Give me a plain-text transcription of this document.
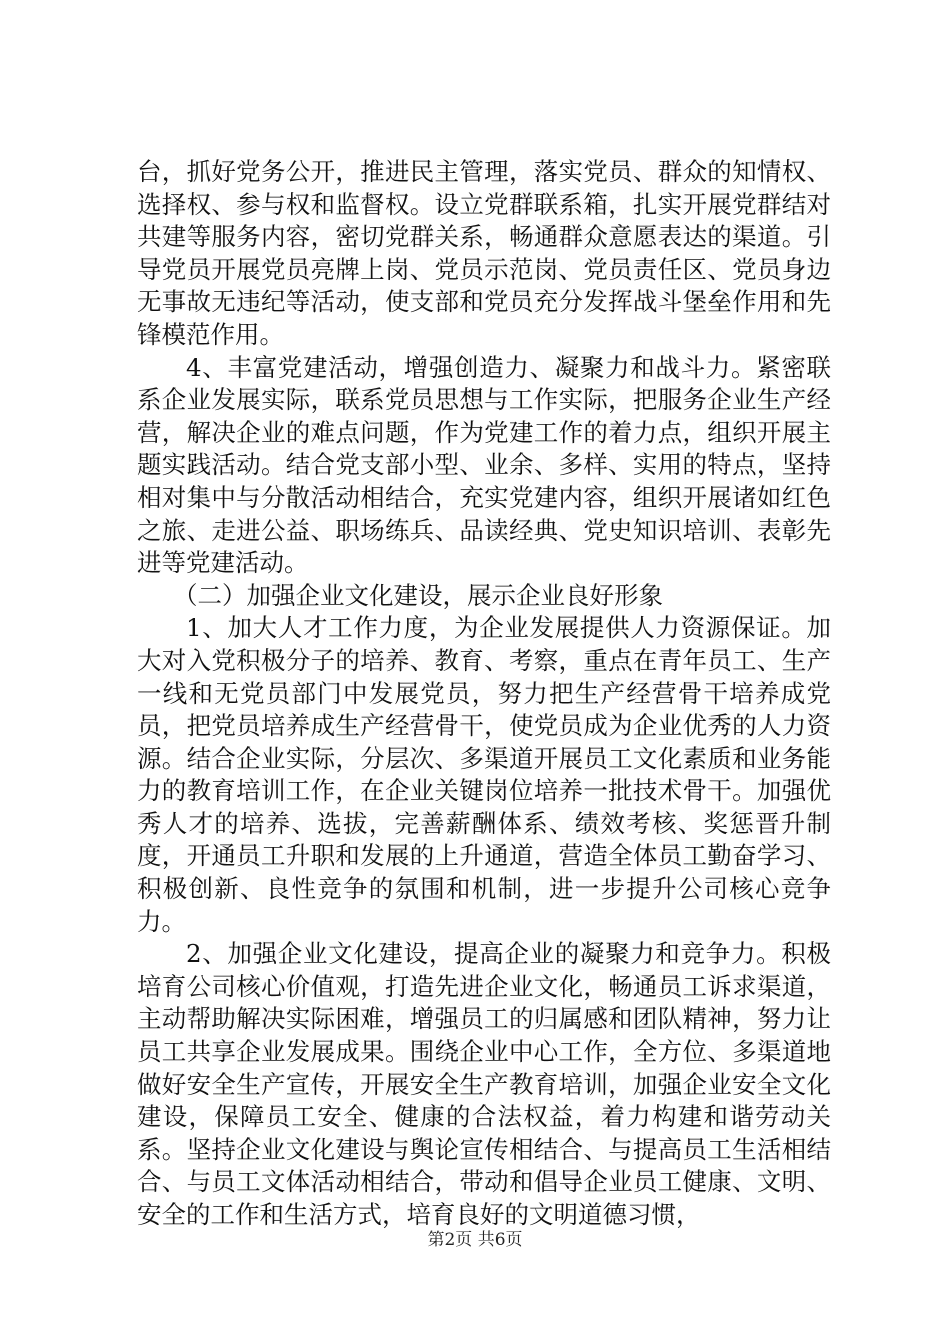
台，抓好党务公开，推进民主管理，落实党员、群众的知情权、选择权、参与权和监督权。设立党群联系箱，扎实开展党群结对共建等服务内容，密切党群关系，畅通群众意愿表达的渠道。引导党员开展党员亮牌上岗、党员示范岗、党员责任区、党员身边无事故无违纪等活动，使支部和党员充分发挥战斗堡垒作用和先锋模范作用。

4、丰富党建活动，增强创造力、凝聚力和战斗力。紧密联系企业发展实际，联系党员思想与工作实际，把服务企业生产经营，解决企业的难点问题，作为党建工作的着力点，组织开展主题实践活动。结合党支部小型、业余、多样、实用的特点，坚持相对集中与分散活动相结合，充实党建内容，组织开展诸如红色之旅、走进公益、职场练兵、品读经典、党史知识培训、表彰先进等党建活动。

（二）加强企业文化建设，展示企业良好形象

1、加大人才工作力度，为企业发展提供人力资源保证。加大对入党积极分子的培养、教育、考察，重点在青年员工、生产一线和无党员部门中发展党员，努力把生产经营骨干培养成党员，把党员培养成生产经营骨干，使党员成为企业优秀的人力资源。结合企业实际，分层次、多渠道开展员工文化素质和业务能力的教育培训工作，在企业关键岗位培养一批技术骨干。加强优秀人才的培养、选拔，完善薪酬体系、绩效考核、奖惩晋升制度，开通员工升职和发展的上升通道，营造全体员工勤奋学习、积极创新、良性竞争的氛围和机制，进一步提升公司核心竞争力。

2、加强企业文化建设，提高企业的凝聚力和竞争力。积极培育公司核心价值观，打造先进企业文化，畅通员工诉求渠道，主动帮助解决实际困难，增强员工的归属感和团队精神，努力让员工共享企业发展成果。围绕企业中心工作，全方位、多渠道地做好安全生产宣传，开展安全生产教育培训，加强企业安全文化建设，保障员工安全、健康的合法权益，着力构建和谐劳动关系。坚持企业文化建设与舆论宣传相结合、与提高员工生活相结合、与员工文体活动相结合，带动和倡导企业员工健康、文明、安全的工作和生活方式，培育良好的文明道德习惯，

第2页 共6页
